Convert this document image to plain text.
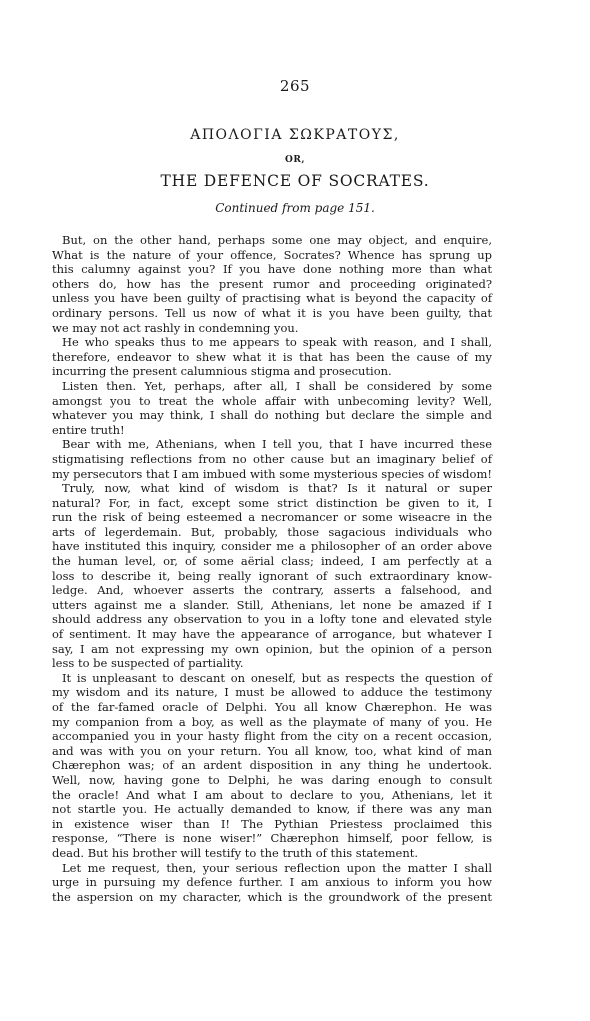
265
ΑΠΟΛΟΓΙΑ ΣΩΚΡΑΤΟΥΣ,
OR,
THE DEFENCE OF SOCRATES.
Continued from page 151.
But, on the other hand, perhaps some one may object, and enquire,
What is the nature of your offence, Socrates? Whence has sprung up
this calumny against you? If you have done nothing more than what
others do, how has the present rumor and proceeding originated?
unless you have been guilty of practising what is beyond the capacity of
ordinary persons. Tell us now of what it is you have been guilty, that
we may not act rashly in condemning you.
He who speaks thus to me appears to speak with reason, and I shall,
therefore, endeavor to shew what it is that has been the cause of my
incurring the present calumnious stigma and prosecution.
Listen then. Yet, perhaps, after all, I shall be considered by some
amongst you to treat the whole affair with unbecoming levity? Well,
whatever you may think, I shall do nothing but declare the simple and
entire truth!
Bear with me, Athenians, when I tell you, that I have incurred these
stigmatising reflections from no other cause but an imaginary belief of
my persecutors that I am imbued with some mysterious species of wisdom!
Truly, now, what kind of wisdom is that? Is it natural or super
natural? For, in fact, except some strict distinction be given to it, I
run the risk of being esteemed a necromancer or some wiseacre in the
arts of legerdemain. But, probably, those sagacious individuals who
have instituted this inquiry, consider me a philosopher of an order above
the human level, or, of some aërial class; indeed, I am perfectly at a
loss to describe it, being really ignorant of such extraordinary know-
ledge. And, whoever asserts the contrary, asserts a falsehood, and
utters against me a slander. Still, Athenians, let none be amazed if I
should address any observation to you in a lofty tone and elevated style
of sentiment. It may have the appearance of arrogance, but whatever I
say, I am not expressing my own opinion, but the opinion of a person
less to be suspected of partiality.
It is unpleasant to descant on oneself, but as respects the question of
my wisdom and its nature, I must be allowed to adduce the testimony
of the far-famed oracle of Delphi. You all know Chærephon. He was
my companion from a boy, as well as the playmate of many of you. He
accompanied you in your hasty flight from the city on a recent occasion,
and was with you on your return. You all know, too, what kind of man
Chærephon was; of an ardent disposition in any thing he undertook.
Well, now, having gone to Delphi, he was daring enough to consult
the oracle! And what I am about to declare to you, Athenians, let it
not startle you. He actually demanded to know, if there was any man
in existence wiser than I! The Pythian Priestess proclaimed this
response, “There is none wiser!” Chærephon himself, poor fellow, is
dead. But his brother will testify to the truth of this statement.
Let me request, then, your serious reflection upon the matter I shall
urge in pursuing my defence further. I am anxious to inform you how
the aspersion on my character, which is the groundwork of the present
